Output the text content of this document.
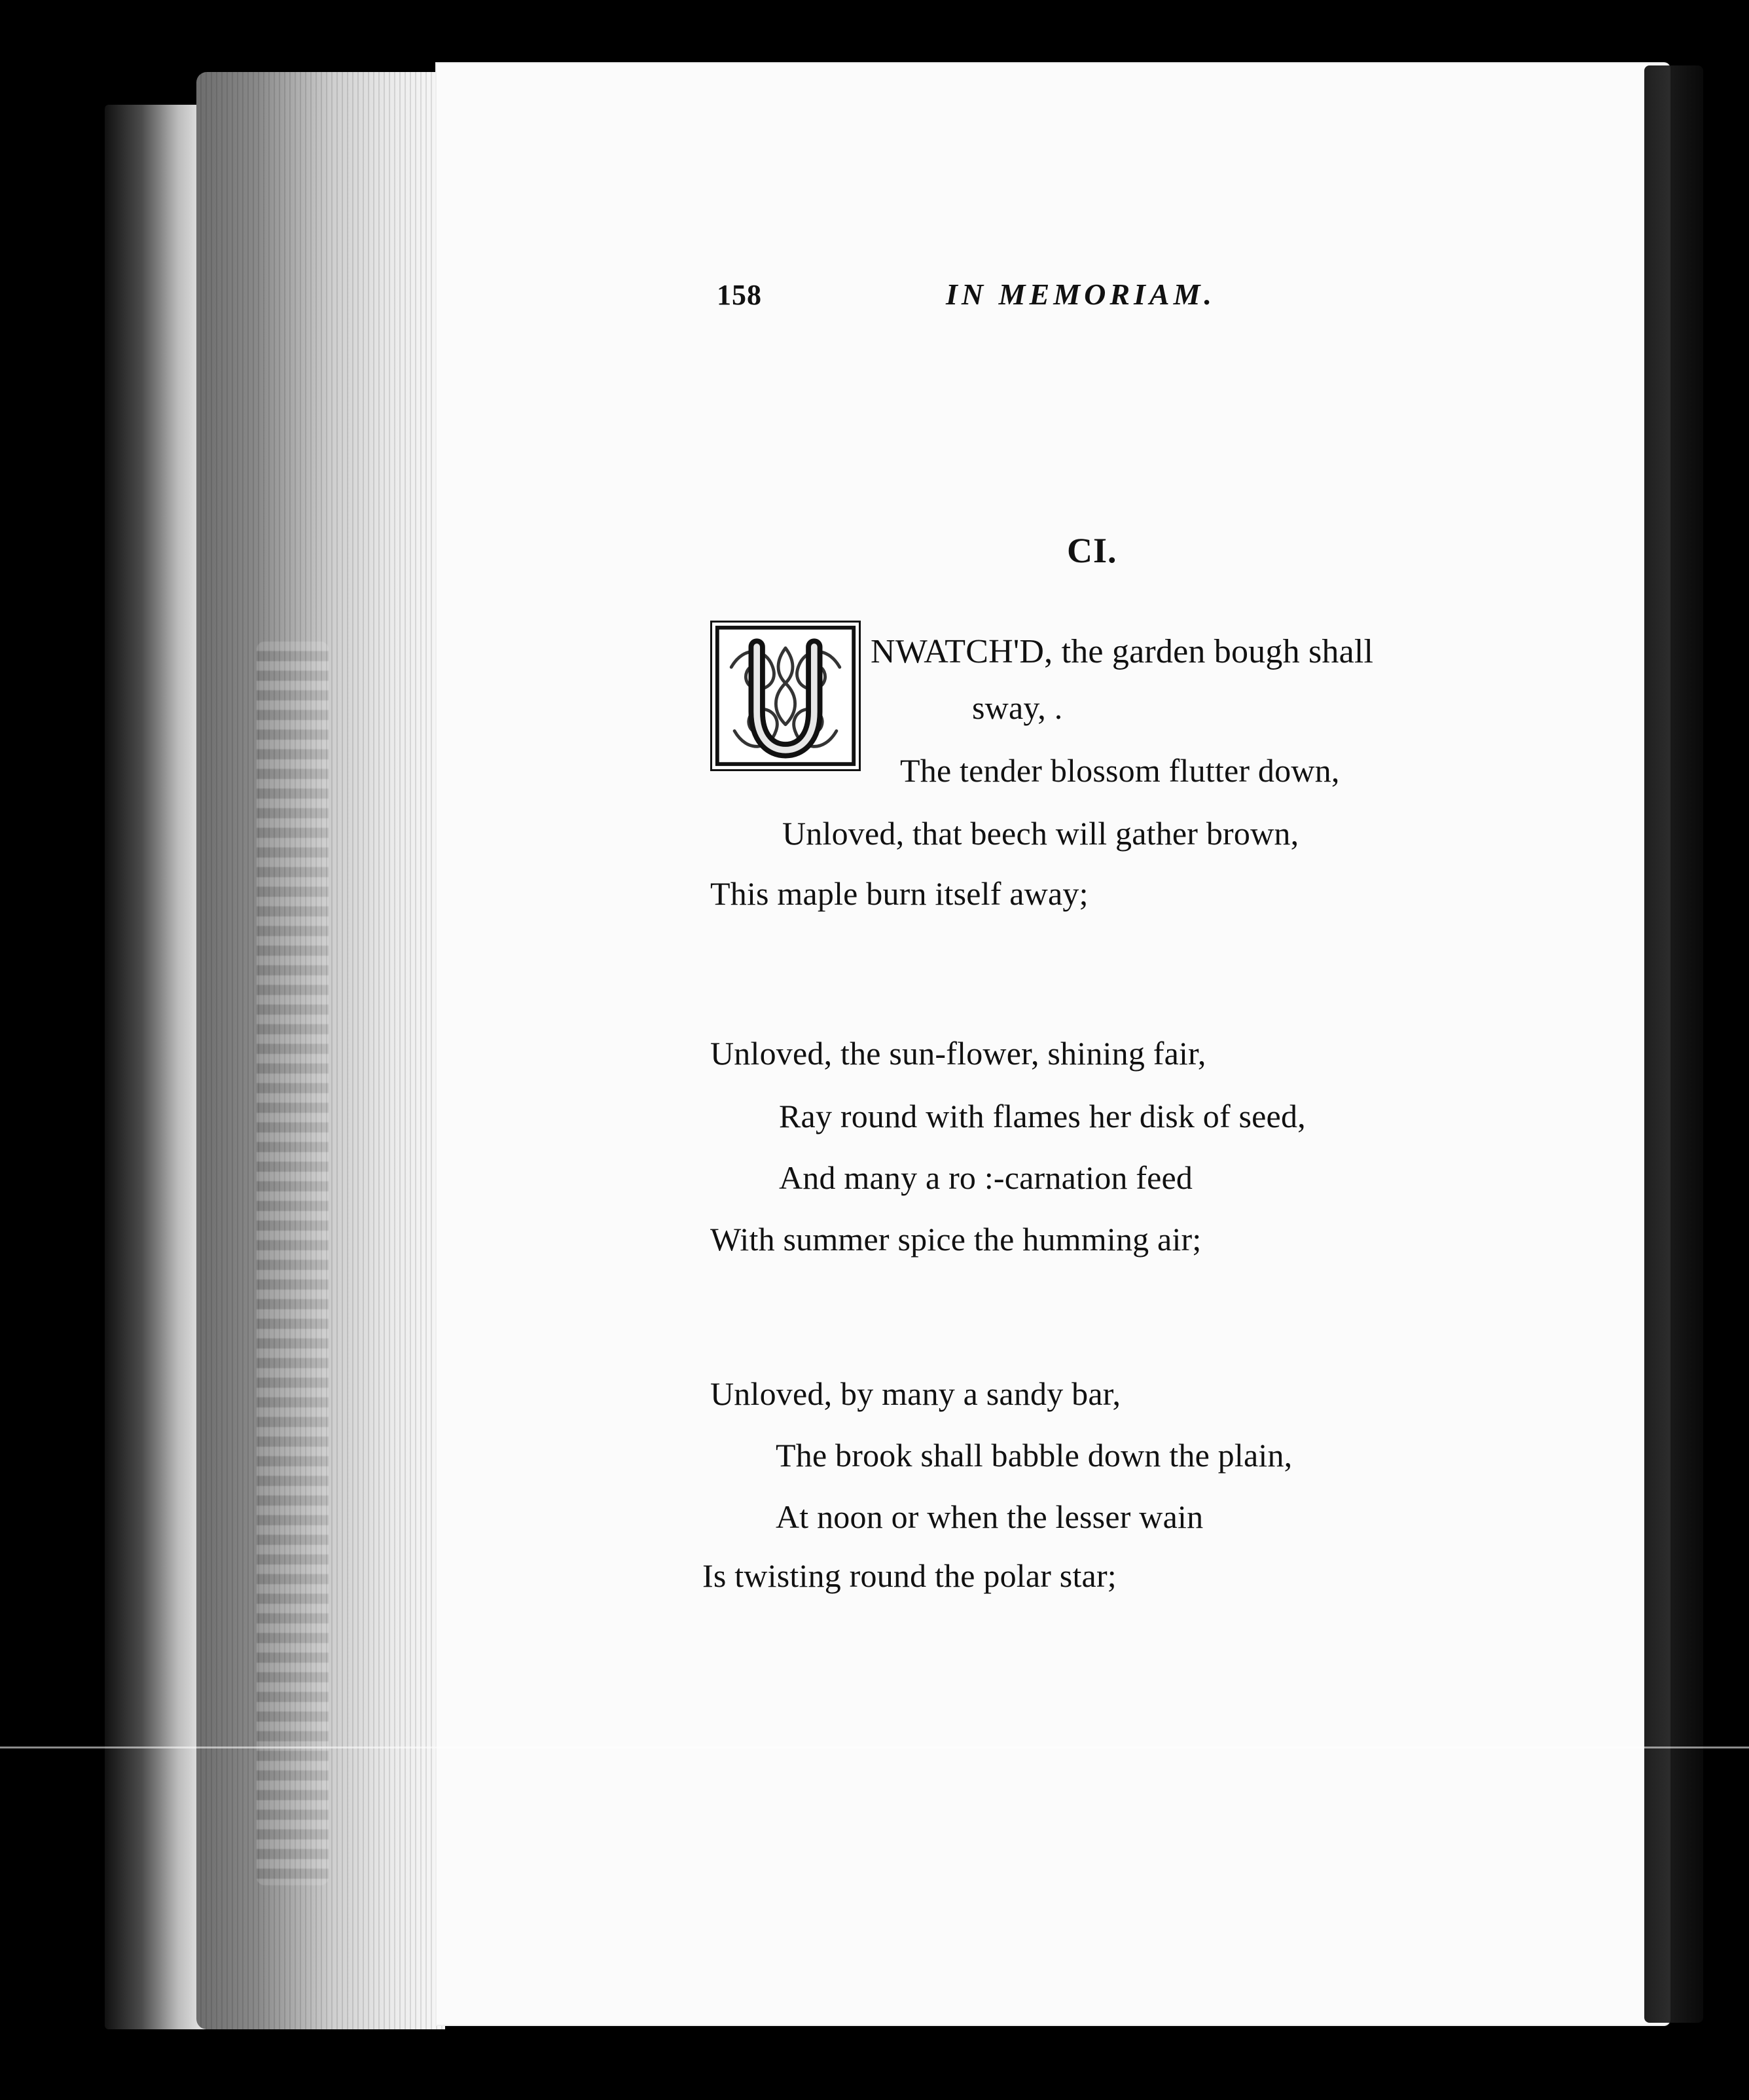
158	IN MEMORIAM.
CI.
NWATCH'D, the garden bough shall
sway, .
The tender blossom flutter down,
Unloved, that beech will gather brown,
This maple burn itself away;
Unloved, the sun-flower, shining fair,
Ray round with flames her disk of seed,
And many a ro :-carnation feed
With summer spice the humming air;
Unloved, by many a sandy bar,
The brook shall babble down the plain,
At noon or when the lesser wain
Is twisting round the polar star;
